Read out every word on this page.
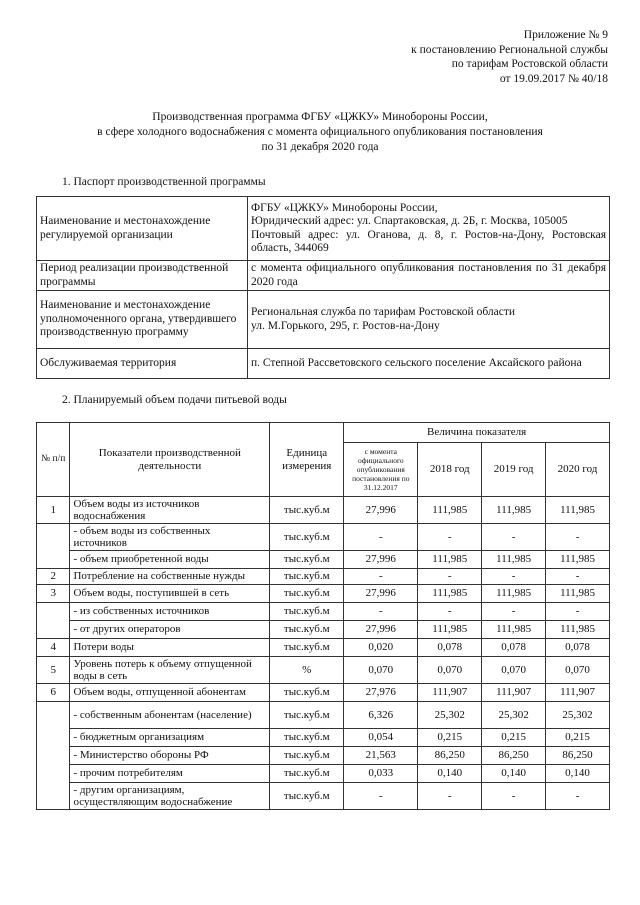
Приложение № 9
к постановлению Региональной службы
по тарифам Ростовской области
от 19.09.2017 № 40/18
Производственная программа ФГБУ «ЦЖКУ» Минобороны России,
в сфере холодного водоснабжения с момента официального опубликования постановления
по 31 декабря 2020 года
1. Паспорт производственной программы
Наименование и местонахождение регулируемой организации	ФГБУ «ЦЖКУ» Минобороны России,
Юридический адрес: ул. Спартаковская, д. 2Б, г. Москва, 105005
Почтовый адрес: ул. Оганова, д. 8, г. Ростов-на-Дону, Ростовская область, 344069

Период реализации производственной программы	с момента официального опубликования постановления по 31 декабря 2020 года
Наименование и местонахождение уполномоченного органа, утвердившего производственную программу	Региональная служба по тарифам Ростовской области
ул. М.Горького, 295, г. Ростов-на-Дону

Обслуживаемая территория	п. Степной Рассветовского сельского поселение Аксайского района
2. Планируемый объем подачи питьевой воды
№ п/п	Показатели производственной деятельности	Единица измерения	Величина показателя			
			с момента официального опубликования постановления по 31.12.2017	2018 год	2019 год	2020 год
1	Объем воды из источников водоснабжения	тыс.куб.м	27,996	111,985	111,985	111,985
	- объем воды из собственных источников	тыс.куб.м	-	-	-	-
	- объем приобретенной воды	тыс.куб.м	27,996	111,985	111,985	111,985
2	Потребление на собственные нужды	тыс.куб.м	-	-	-	-
3	Объем воды, поступившей в сеть	тыс.куб.м	27,996	111,985	111,985	111,985
	- из собственных источников	тыс.куб.м	-	-	-	-
	- от других операторов	тыс.куб.м	27,996	111,985	111,985	111,985
4	Потери воды	тыс.куб.м	0,020	0,078	0,078	0,078
5	Уровень потерь к объему отпущенной воды в сеть	%	0,070	0,070	0,070	0,070
6	Объем воды, отпущенной абонентам	тыс.куб.м	27,976	111,907	111,907	111,907
	- собственным абонентам (население)	тыс.куб.м	6,326	25,302	25,302	25,302
	- бюджетным организациям	тыс.куб.м	0,054	0,215	0,215	0,215
	- Министерство обороны РФ	тыс.куб.м	21,563	86,250	86,250	86,250
	- прочим потребителям	тыс.куб.м	0,033	0,140	0,140	0,140
	- другим организациям, осуществляющим водоснабжение	тыс.куб.м	-	-	-	-
